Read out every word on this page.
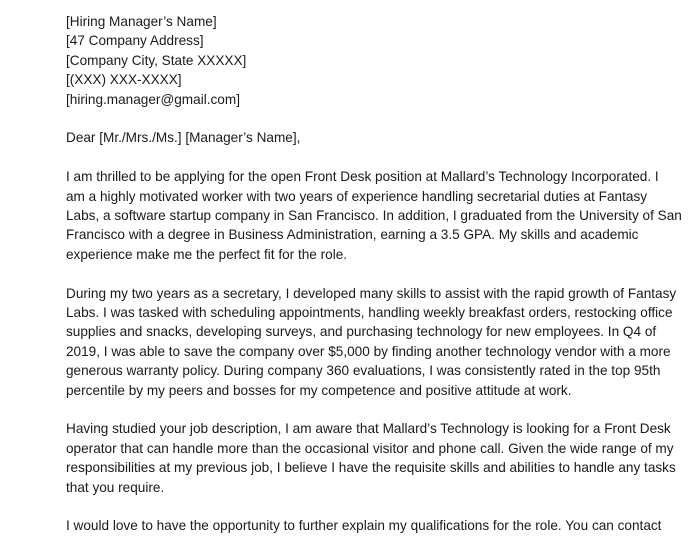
[Hiring Manager’s Name]
[47 Company Address]
[Company City, State XXXXX]
[(XXX) XXX-XXXX]
[hiring.manager@gmail.com]
Dear [Mr./Mrs./Ms.] [Manager’s Name],

I am thrilled to be applying for the open Front Desk position at Mallard’s Technology Incorporated. I
am a highly motivated worker with two years of experience handling secretarial duties at Fantasy
Labs, a software startup company in San Francisco. In addition, I graduated from the University of San
Francisco with a degree in Business Administration, earning a 3.5 GPA. My skills and academic
experience make me the perfect fit for the role.

During my two years as a secretary, I developed many skills to assist with the rapid growth of Fantasy
Labs. I was tasked with scheduling appointments, handling weekly breakfast orders, restocking office
supplies and snacks, developing surveys, and purchasing technology for new employees. In Q4 of
2019, I was able to save the company over $5,000 by finding another technology vendor with a more
generous warranty policy. During company 360 evaluations, I was consistently rated in the top 95th
percentile by my peers and bosses for my competence and positive attitude at work.

Having studied your job description, I am aware that Mallard’s Technology is looking for a Front Desk
operator that can handle more than the occasional visitor and phone call. Given the wide range of my
responsibilities at my previous job, I believe I have the requisite skills and abilities to handle any tasks
that you require.

I would love to have the opportunity to further explain my qualifications for the role. You can contact
